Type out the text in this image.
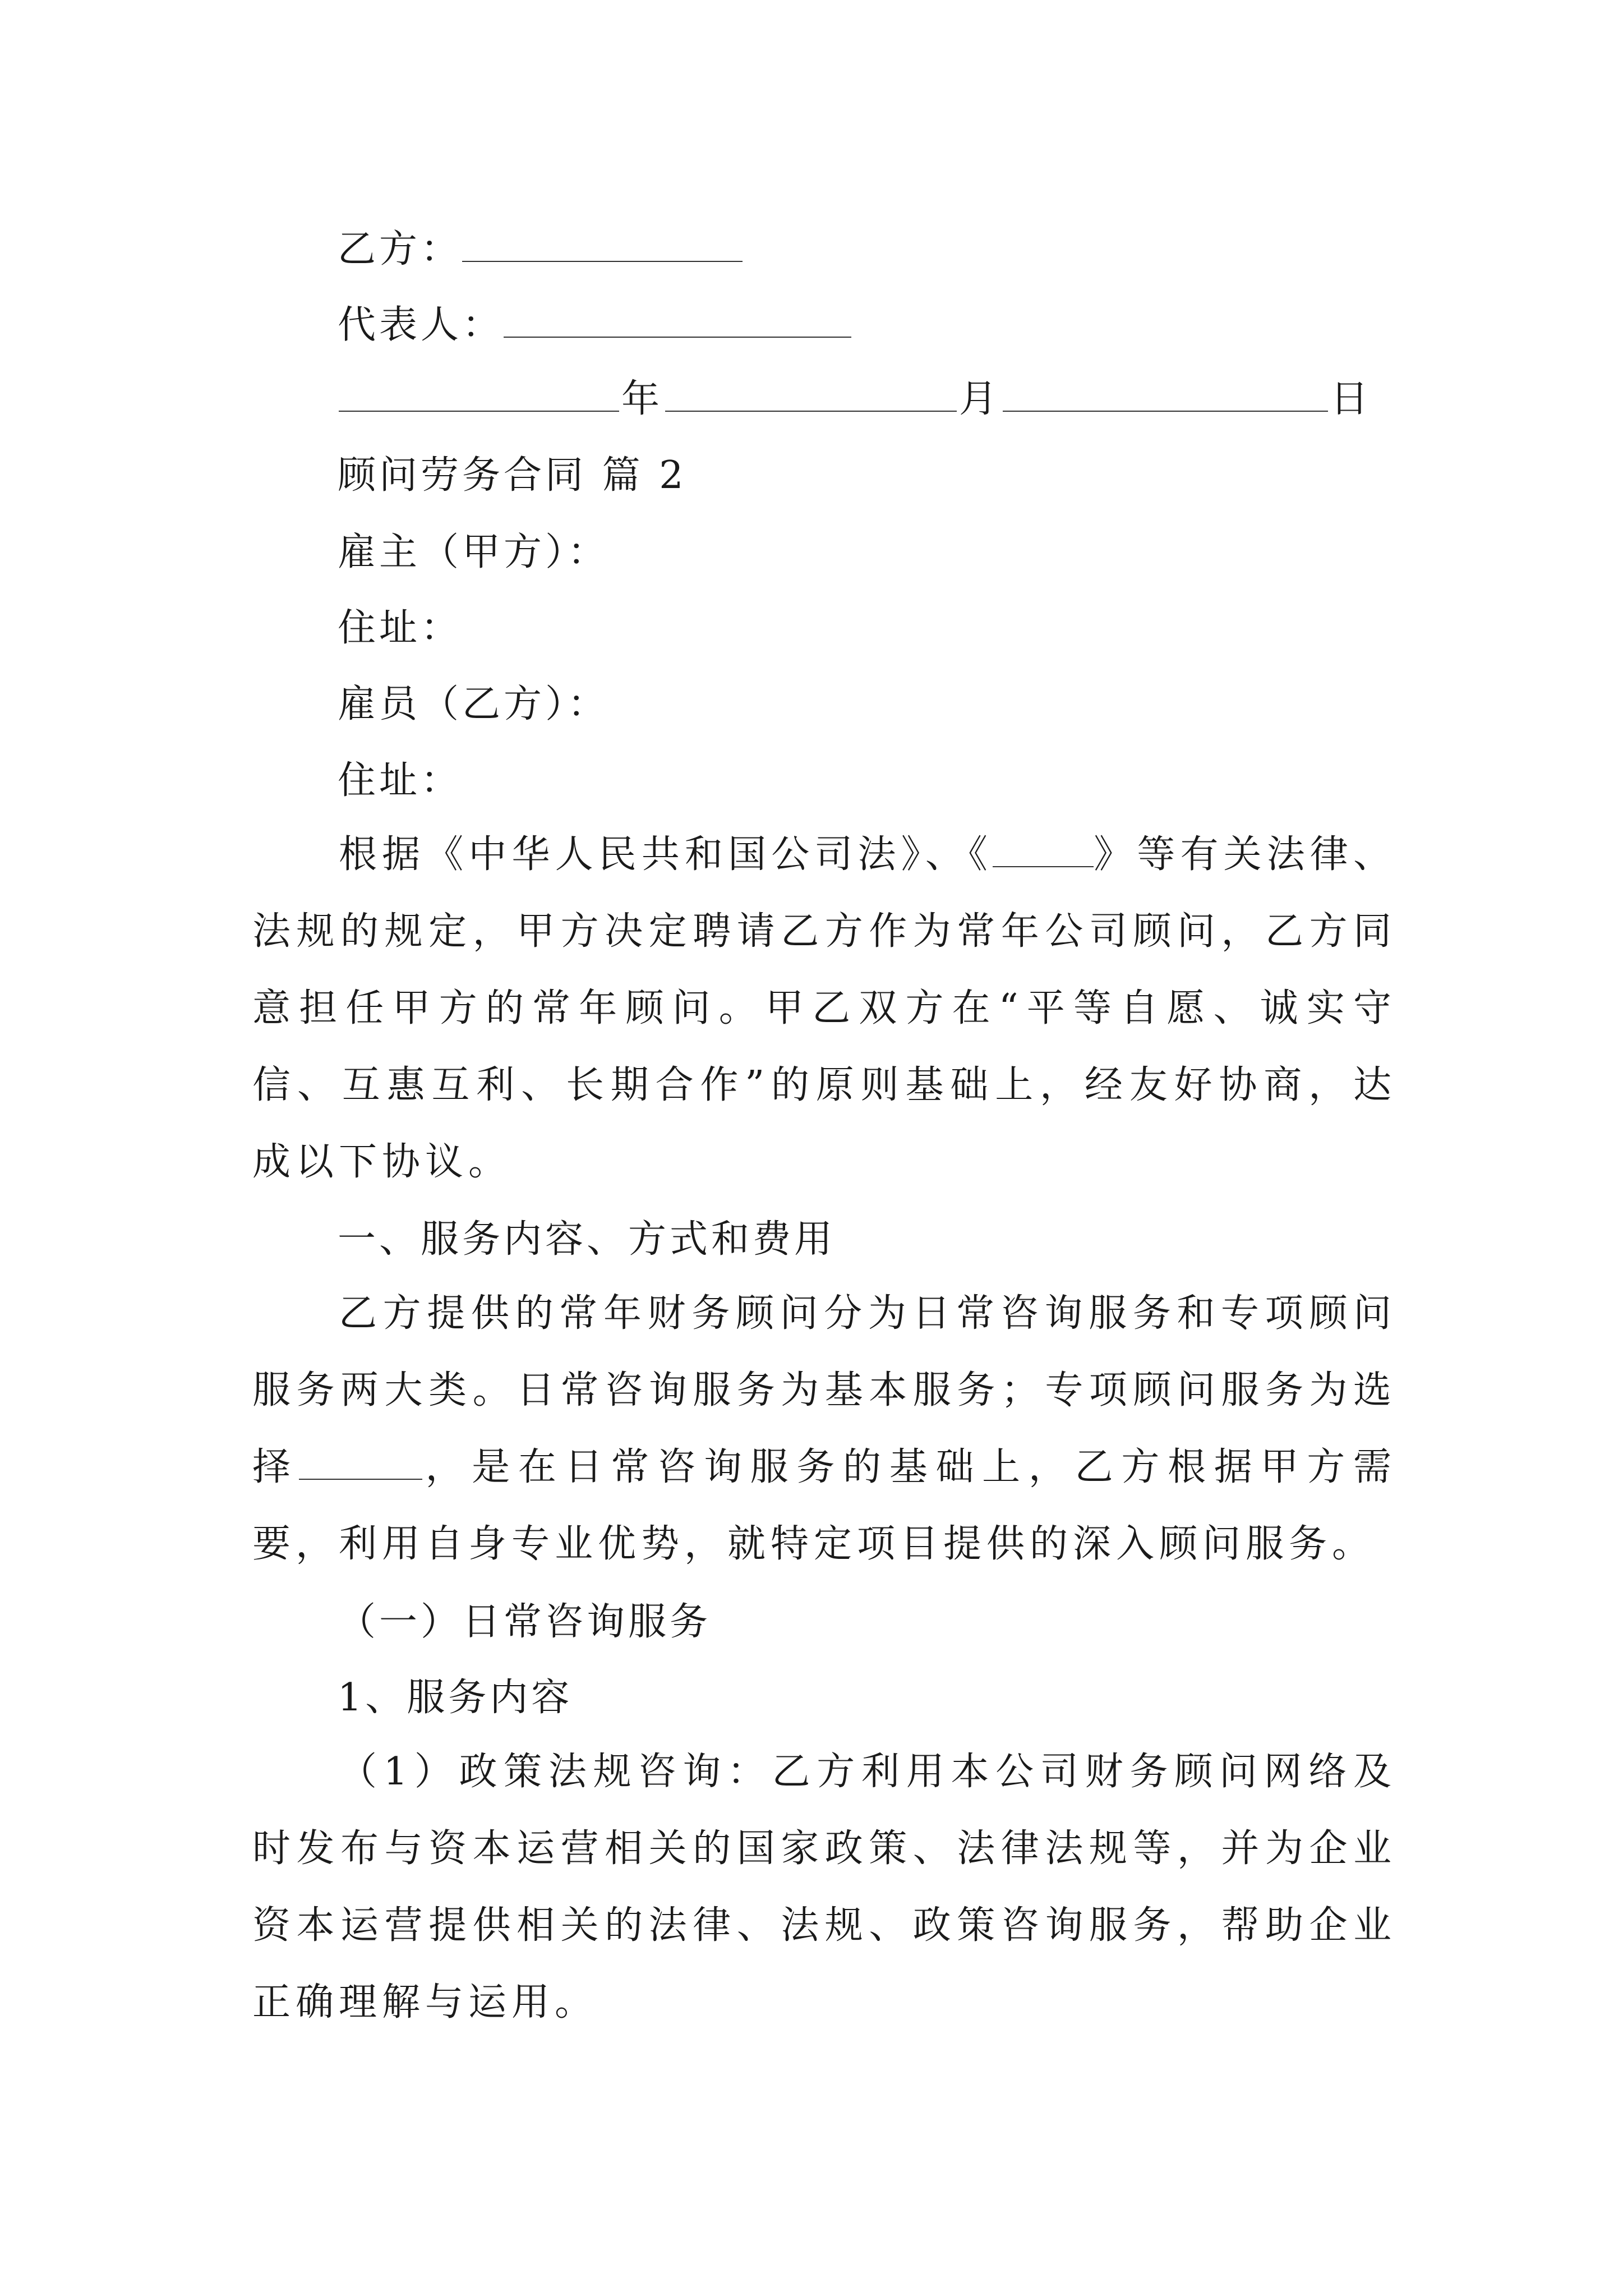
乙方：
代表人：
年	月	日
顾问劳务合同 篇 2
雇主（甲方）：
住址：
雇员（乙方）：
住址：

根据《中华人民共和国公司法》、《	》等有关法律、法规的规定，甲方决定聘请乙方作为常年公司顾问，乙方同意担任甲方的常年顾问。甲乙双方在“平等自愿、诚实守信、互惠互利、长期合作”的原则基础上，经友好协商，达成以下协议。

一、服务内容、方式和费用

乙方提供的常年财务顾问分为日常咨询服务和专项顾问服务两大类。日常咨询服务为基本服务；专项顾问服务为选择	，是在日常咨询服务的基础上，乙方根据甲方需要，利用自身专业优势，就特定项目提供的深入顾问服务。

（一）日常咨询服务
1、服务内容

（1）政策法规咨询：乙方利用本公司财务顾问网络及时发布与资本运营相关的国家政策、法律法规等，并为企业资本运营提供相关的法律、法规、政策咨询服务，帮助企业正确理解与运用。
